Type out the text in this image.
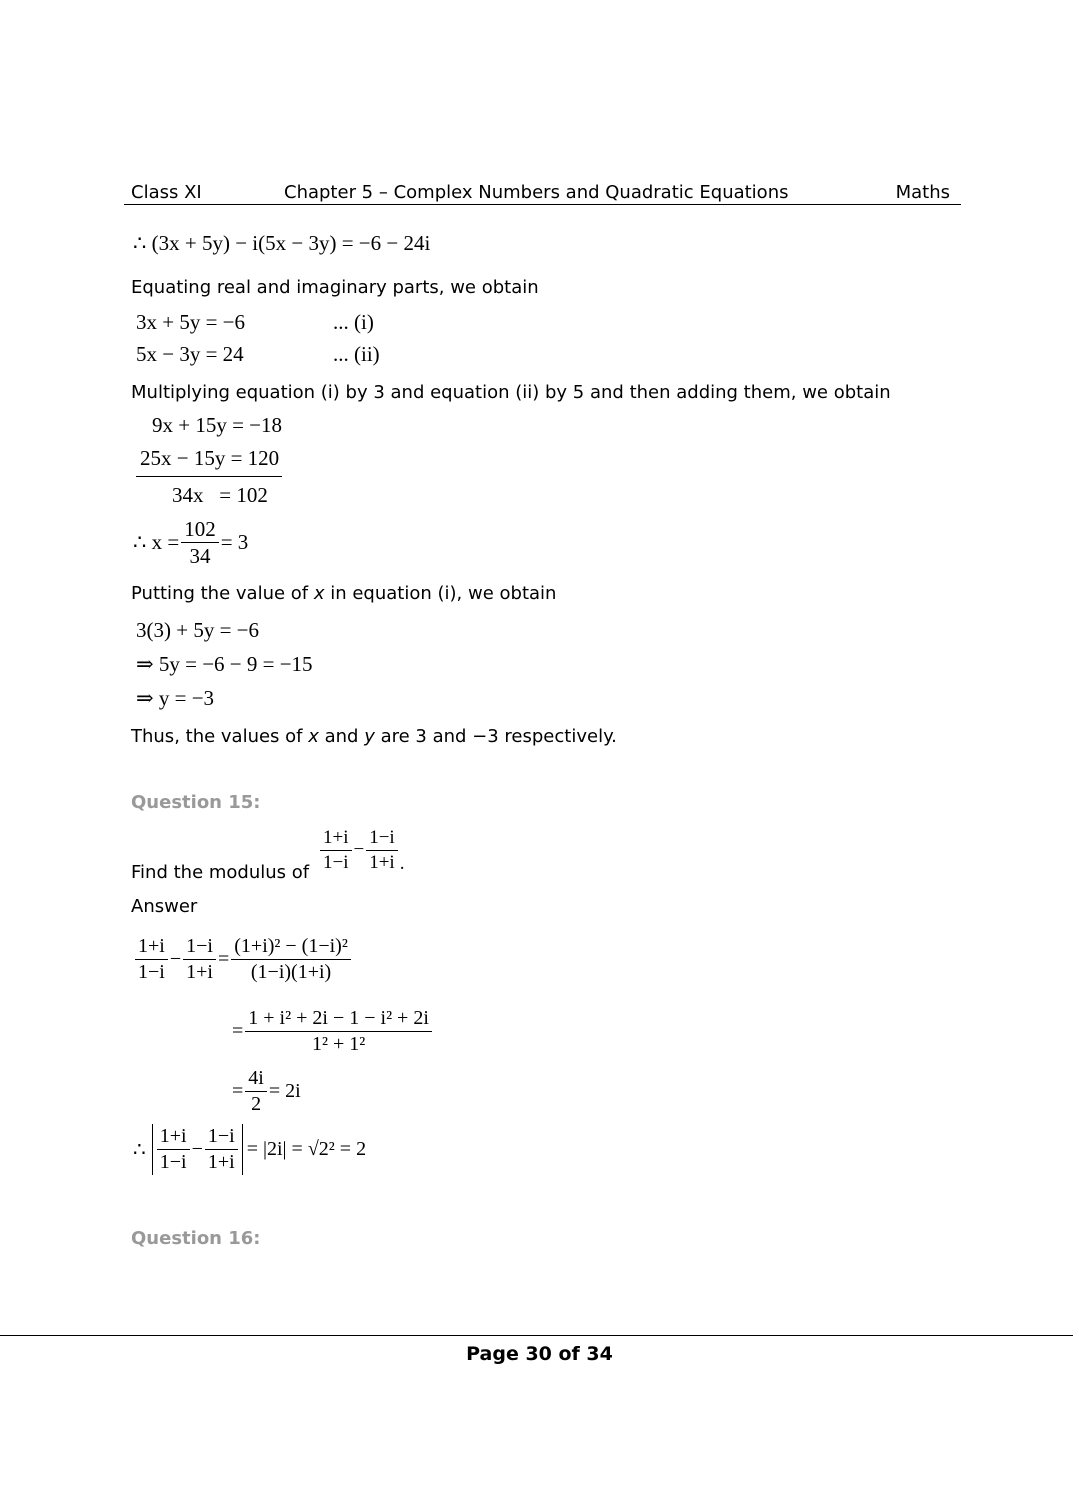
Class XI	Chapter 5 – Complex Numbers and Quadratic Equations	Maths
∴ (3x + 5y) − i(5x − 3y) = −6 − 24i
Equating real and imaginary parts, we obtain
3x + 5y = −6	... (i)
5x − 3y = 24	... (ii)
Multiplying equation (i) by 3 and equation (ii) by 5 and then adding them, we obtain
9x + 15y = −18
25x − 15y = 120
34x   = 102
∴ $x = \frac{102}{34} = 3$
Putting the value of x in equation (i), we obtain
3(3) + 5y = −6
⇒ 5y = −6 − 9 = −15
⇒ y = −3
Thus, the values of x and y are 3 and −3 respectively.
Question 15:
Find the modulus of $\frac{1+i}{1-i} - \frac{1-i}{1+i}$ .
Answer
$\frac{1+i}{1-i} - \frac{1-i}{1+i} = \frac{\text{(1+i)² − (1−i)²}}{(1-i)(1+i)}$
= $\frac{\text{1 + i² + 2i − 1 − i² + 2i}}{\text{1² + 1²}}$
= $\frac{4i}{2} = 2i$
∴ $\frac{1+i}{1-i} - \frac{1-i}{1+i} = |2i| = √2^2 = 2$
Question 16:
Page 30 of 34
